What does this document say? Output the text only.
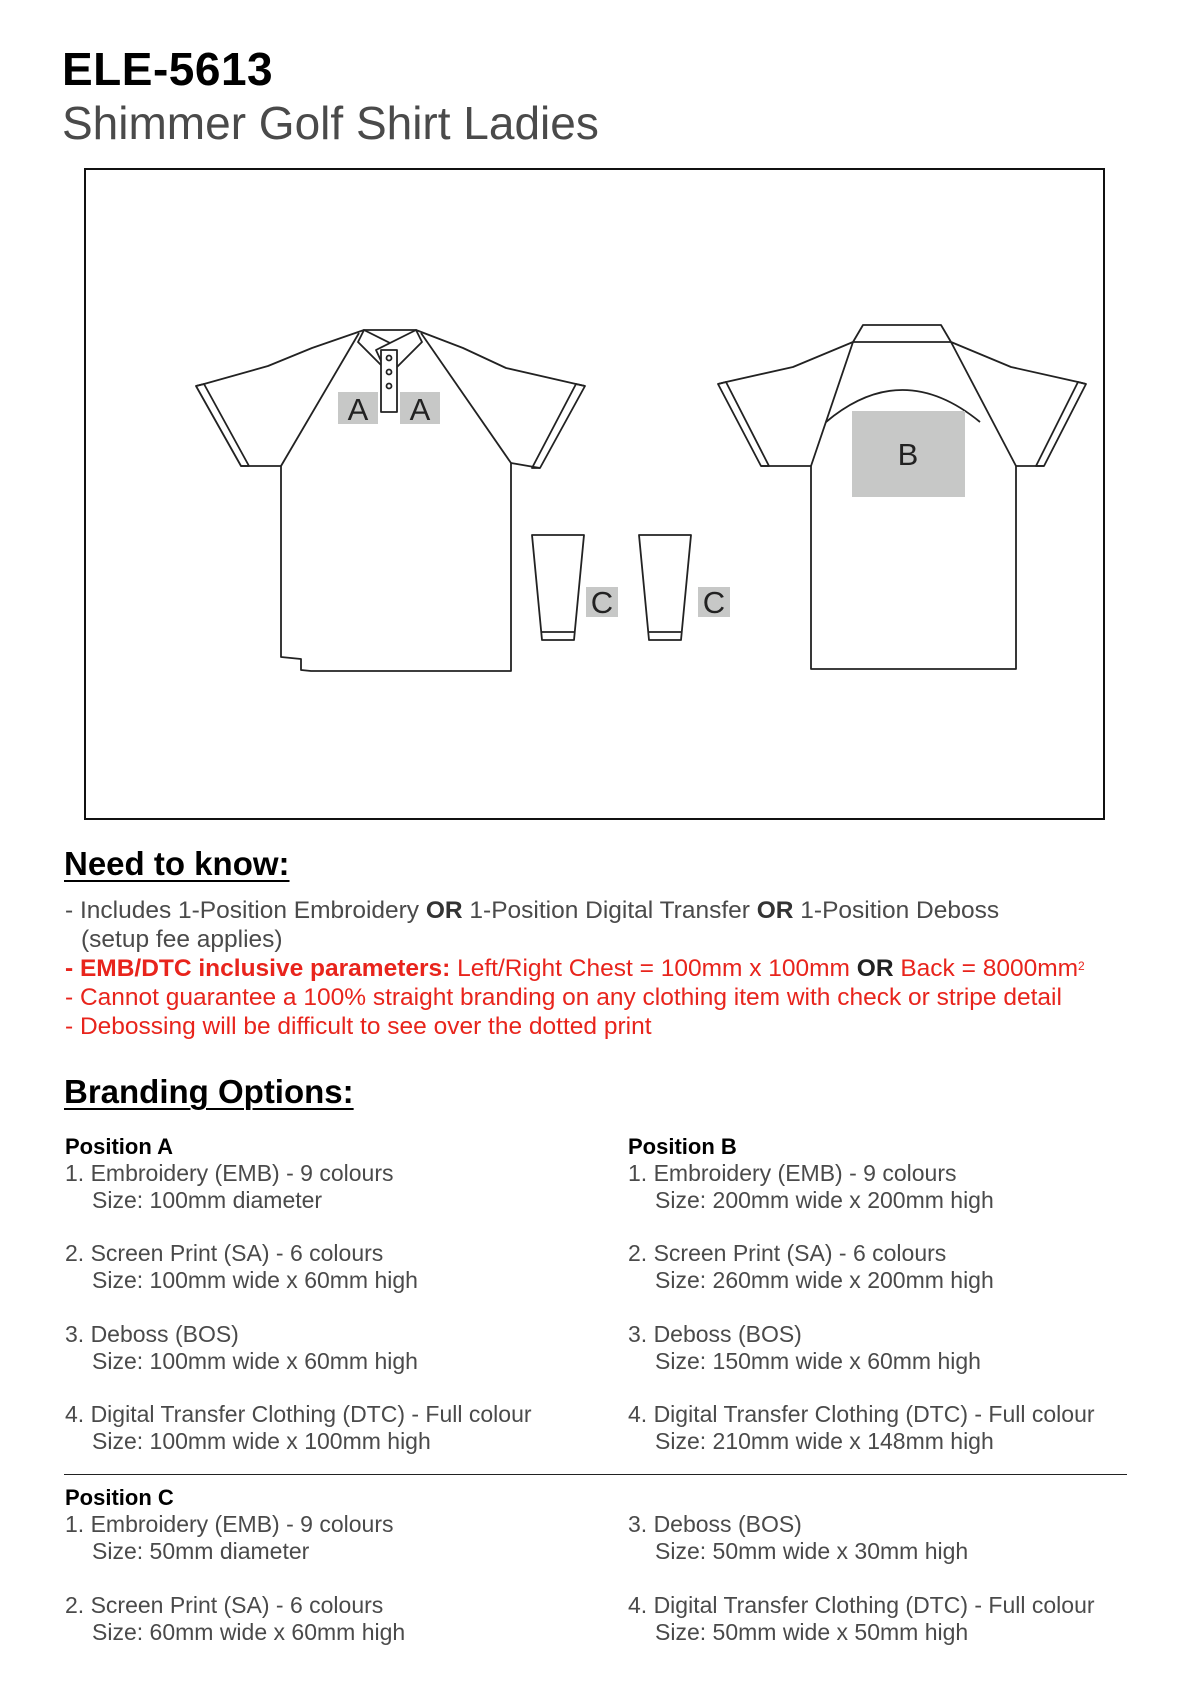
ELE-5613
Shimmer Golf Shirt Ladies
A A
B
C	C
Need to know:
- Includes 1-Position Embroidery OR 1-Position Digital Transfer OR 1-Position Deboss
(setup fee applies)
- EMB/DTC inclusive parameters: Left/Right Chest = 100mm x 100mm OR Back = $8000mm^2$
- Cannot guarantee a 100% straight branding on any clothing item with check or stripe detail
- Debossing will be difficult to see over the dotted print
Branding Options:
Position A
1. Embroidery (EMB) - 9 colours
Size: 100mm diameter
2. Screen Print (SA) - 6 colours
Size: 100mm wide x 60mm high
3. Deboss (BOS)
Size: 100mm wide x 60mm high
4. Digital Transfer Clothing (DTC) - Full colour
Size: 100mm wide x 100mm high
Position B
1. Embroidery (EMB) - 9 colours
Size: 200mm wide x 200mm high
2. Screen Print (SA) - 6 colours
Size: 260mm wide x 200mm high
3. Deboss (BOS)
Size: 150mm wide x 60mm high
4. Digital Transfer Clothing (DTC) - Full colour
Size: 210mm wide x 148mm high
Position C
1. Embroidery (EMB) - 9 colours
Size: 50mm diameter
2. Screen Print (SA) - 6 colours
Size: 60mm wide x 60mm high
3. Deboss (BOS)
Size: 50mm wide x 30mm high
4. Digital Transfer Clothing (DTC) - Full colour
Size: 50mm wide x 50mm high
